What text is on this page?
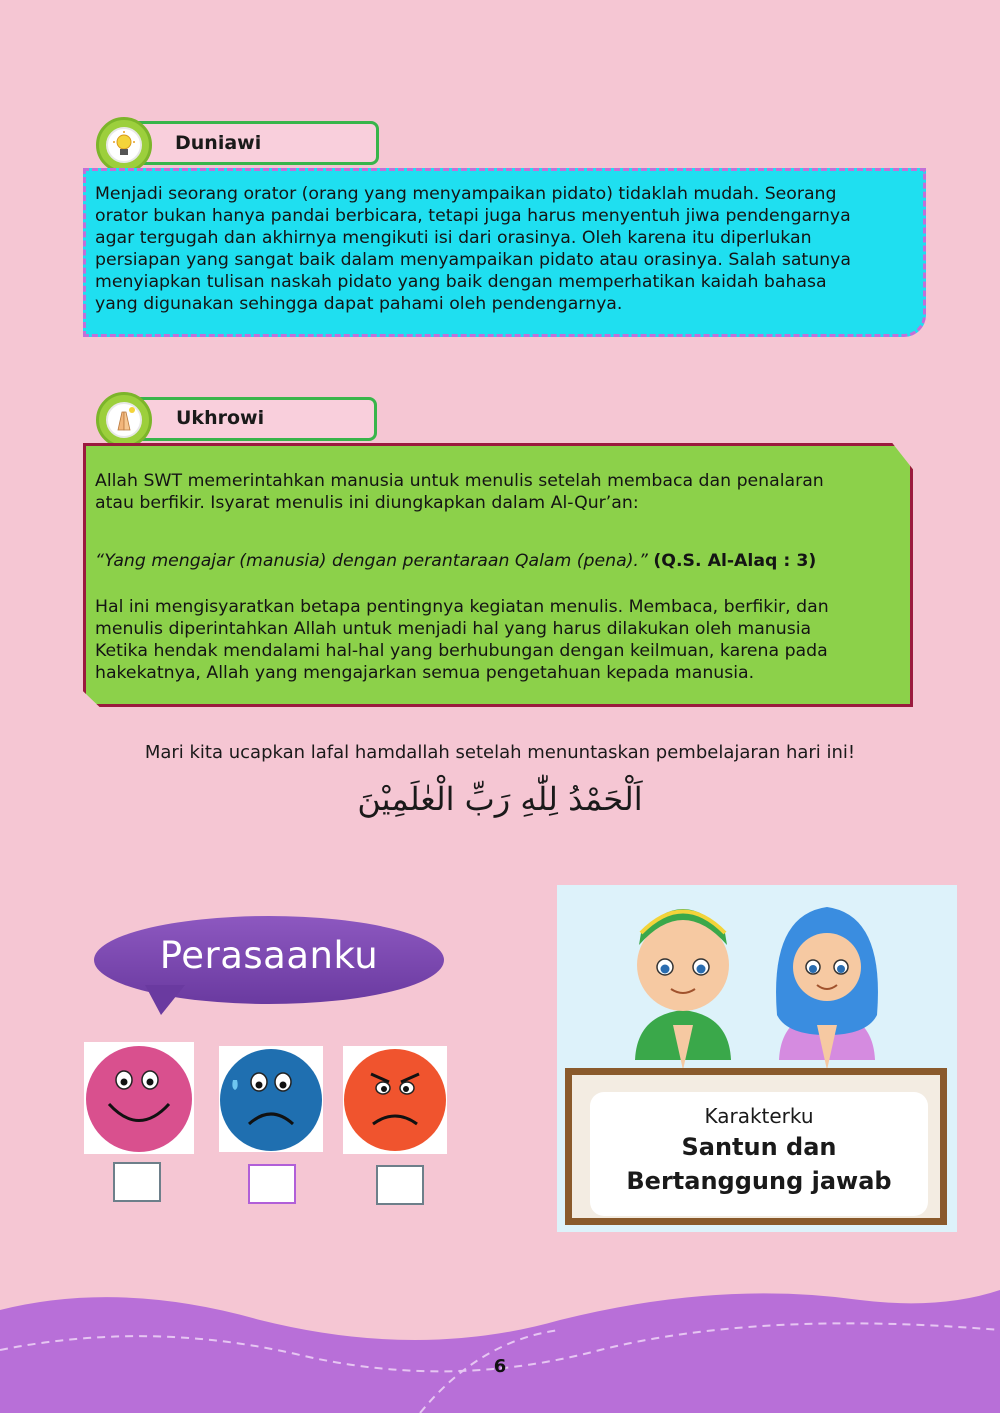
Duniawi
Menjadi seorang orator (orang yang menyampaikan pidato) tidaklah mudah. Seorang
orator bukan hanya pandai berbicara, tetapi juga harus menyentuh jiwa pendengarnya
agar tergugah dan akhirnya mengikuti isi dari orasinya. Oleh karena itu diperlukan
persiapan yang sangat baik dalam menyampaikan pidato atau orasinya. Salah satunya
menyiapkan tulisan naskah pidato yang baik dengan memperhatikan kaidah bahasa
yang digunakan sehingga dapat pahami oleh pendengarnya.
Ukhrowi
Allah SWT memerintahkan manusia untuk menulis setelah membaca dan penalaran
atau berfikir. Isyarat menulis ini diungkapkan dalam Al-Qur’an:
“Yang mengajar (manusia) dengan perantaraan Qalam (pena).” (Q.S. Al-Alaq : 3)
Hal ini mengisyaratkan betapa pentingnya kegiatan menulis. Membaca, berfikir, dan
menulis diperintahkan Allah untuk menjadi hal yang harus dilakukan oleh manusia
Ketika hendak mendalami hal-hal yang berhubungan dengan keilmuan, karena pada
hakekatnya, Allah yang mengajarkan semua pengetahuan kepada manusia.
Mari kita ucapkan lafal hamdallah setelah menuntaskan pembelajaran hari ini!
اَلْحَمْدُ لِلّٰهِ رَبِّ الْعٰلَمِيْنَ
Perasaanku
Karakterku
Santun dan
Bertanggung jawab
6
